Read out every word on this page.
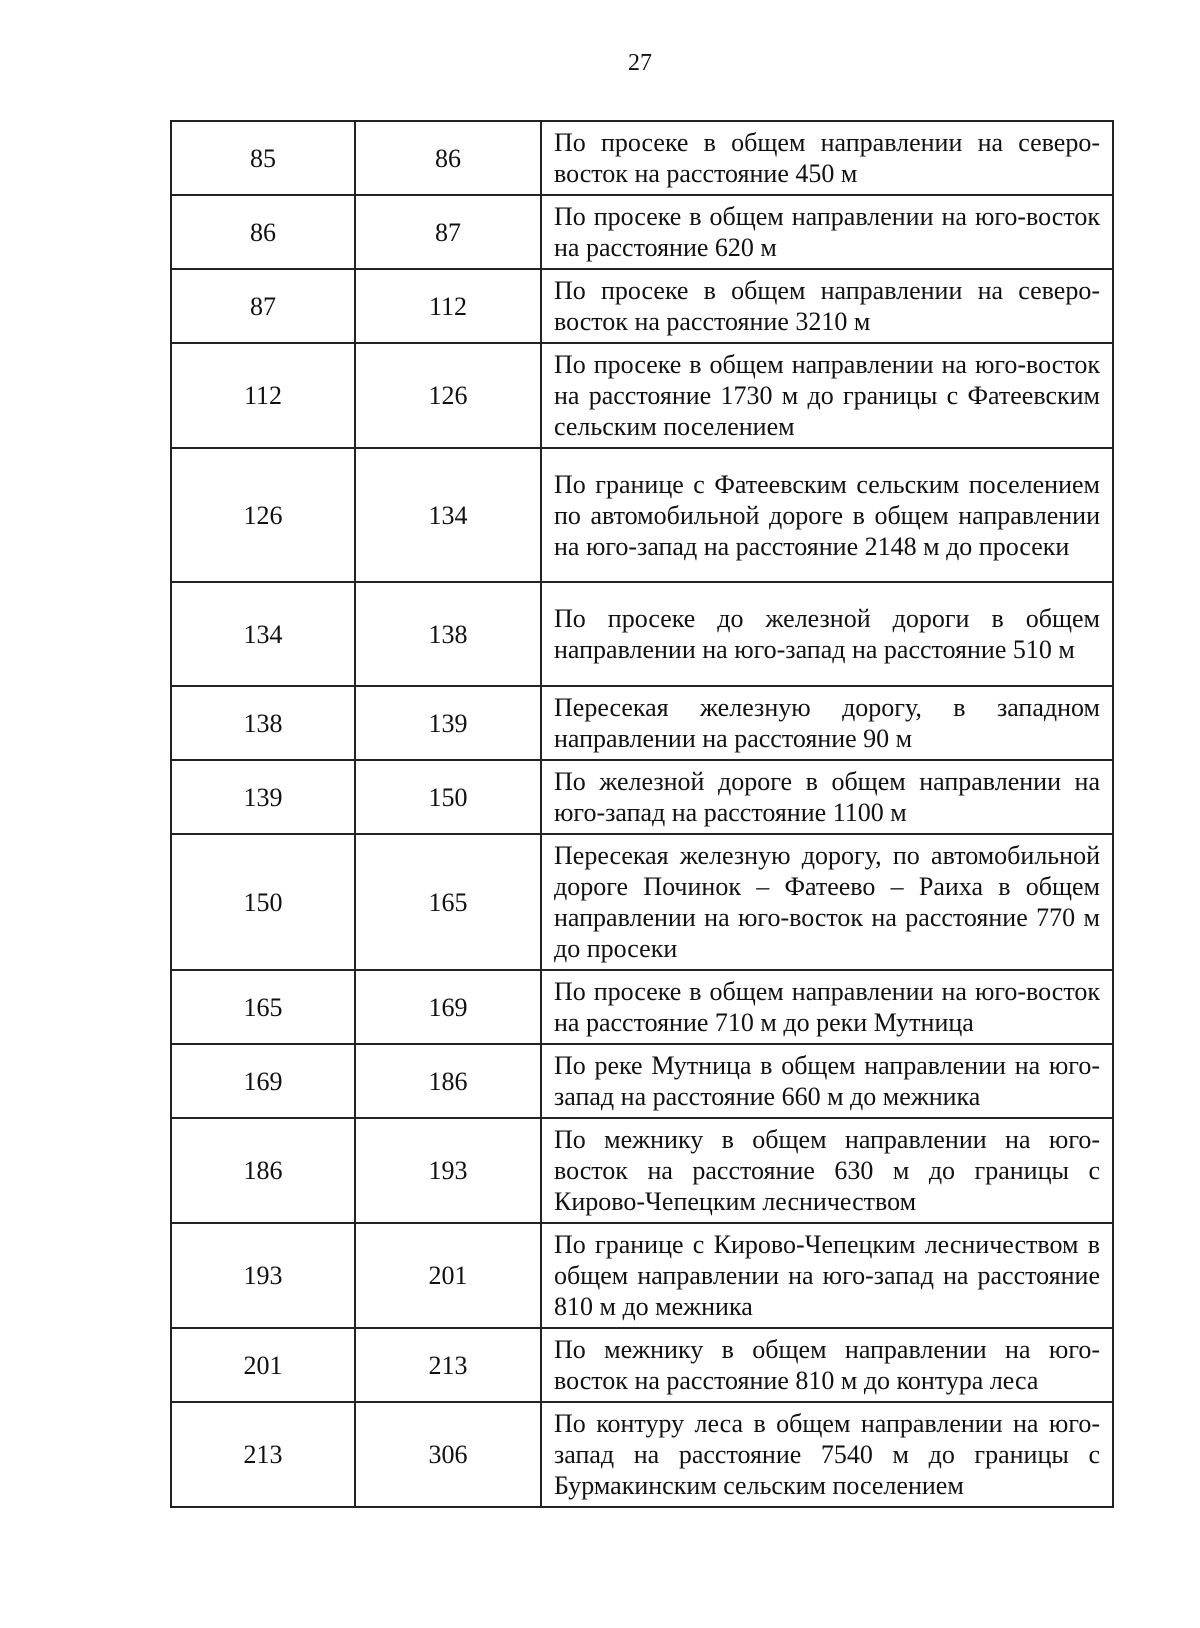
27
85	86	По просеке в общем направлении на северо-восток на расстояние 450 м
86	87	По просеке в общем направлении на юго-восток на расстояние 620 м
87	112	По просеке в общем направлении на северо-восток на расстояние 3210 м
112	126	По просеке в общем направлении на юго-восток на расстояние 1730 м до границы с Фатеевским сельским поселением
126	134	По границе с Фатеевским сельским поселением по автомобильной дороге в общем направлении на юго-запад на расстояние 2148 м до просеки
134	138	По просеке до железной дороги в общем направлении на юго-запад на расстояние 510 м
138	139	Пересекая железную дорогу, в западном направлении на расстояние 90 м
139	150	По железной дороге в общем направлении на юго-запад на расстояние 1100 м
150	165	Пересекая железную дорогу, по автомобильной дороге Починок – Фатеево – Раиха в общем направлении на юго-восток на расстояние 770 м до просеки
165	169	По просеке в общем направлении на юго-восток на расстояние 710 м до реки Мутница
169	186	По реке Мутница в общем направлении на юго-запад на расстояние 660 м до межника
186	193	По межнику в общем направлении на юго-восток на расстояние 630 м до границы с Кирово-Чепецким лесничеством
193	201	По границе с Кирово-Чепецким лесничеством в общем направлении на юго-запад на расстояние 810 м до межника
201	213	По межнику в общем направлении на юго-восток на расстояние 810 м до контура леса
213	306	По контуру леса в общем направлении на юго-запад на расстояние 7540 м до границы с Бурмакинским сельским поселением
